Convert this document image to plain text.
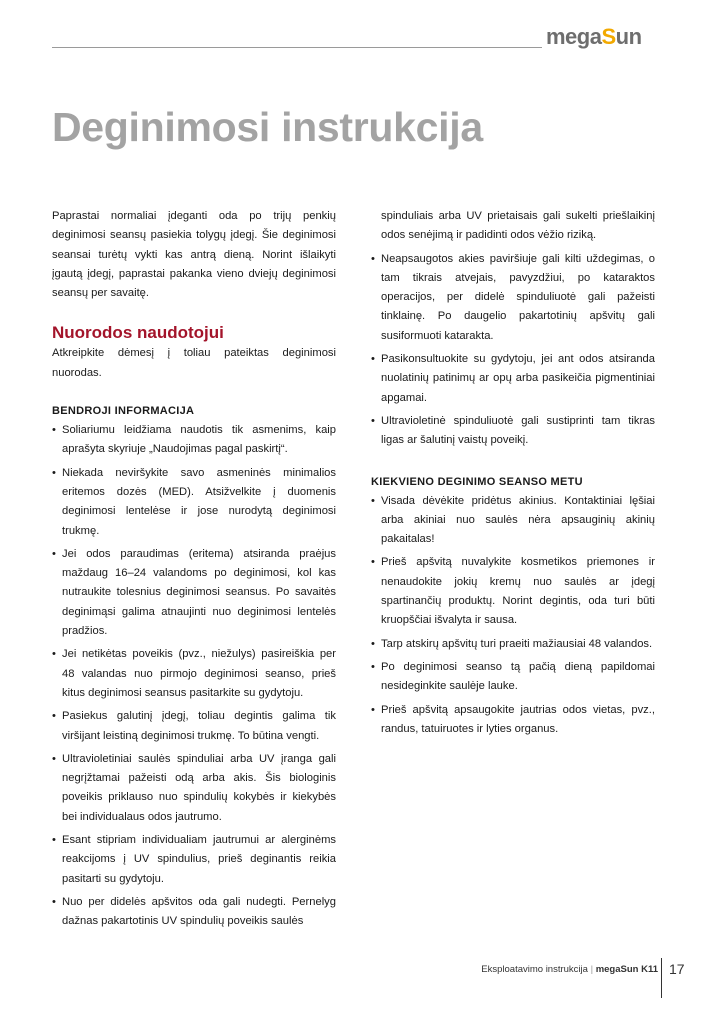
megaSun
Deginimosi instrukcija

Paprastai normaliai įdeganti oda po trijų penkių deginimosi seansų pasiekia tolygų įdegį. Šie deginimosi seansai turėtų vykti kas antrą dieną. Norint išlaikyti įgautą įdegį, paprastai pakanka vieno dviejų deginimosi seansų per savaitę.

Nuorodos naudotojui

Atkreipkite dėmesį į toliau pateiktas deginimosi nuorodas.

BENDROJI INFORMACIJA
• Soliariumu leidžiama naudotis tik asmenims, kaip aprašyta skyriuje „Naudojimas pagal paskirtį“.
• Niekada neviršykite savo asmeninės minimalios eritemos dozės (MED). Atsižvelkite į duomenis deginimosi lentelėse ir jose nurodytą deginimosi trukmę.
• Jei odos paraudimas (eritema) atsiranda praėjus maždaug 16–24 valandoms po deginimosi, kol kas nutraukite tolesnius deginimosi seansus. Po savaitės deginimąsi galima atnaujinti nuo deginimosi lentelės pradžios.
• Jei netikėtas poveikis (pvz., niežulys) pasireiškia per 48 valandas nuo pirmojo deginimosi seanso, prieš kitus deginimosi seansus pasitarkite su gydytoju.
• Pasiekus galutinį įdegį, toliau degintis galima tik viršijant leistiną deginimosi trukmę. To būtina vengti.
• Ultravioletiniai saulės spinduliai arba UV įranga gali negrįžtamai pažeisti odą arba akis. Šis biologinis poveikis priklauso nuo spindulių kokybės ir kiekybės bei individualaus odos jautrumo.
• Esant stipriam individualiam jautrumui ar alerginėms reakcijoms į UV spindulius, prieš deginantis reikia pasitarti su gydytoju.
• Nuo per didelės apšvitos oda gali nudegti. Pernelyg dažnas pakartotinis UV spindulių poveikis saulės
spinduliais arba UV prietaisais gali sukelti priešlaikinį odos senėjimą ir padidinti odos vėžio riziką.
• Neapsaugotos akies paviršiuje gali kilti uždegimas, o tam tikrais atvejais, pavyzdžiui, po kataraktos operacijos, per didelė spinduliuotė gali pažeisti tinklainę. Po daugelio pakartotinių apšvitų gali susiformuoti katarakta.
• Pasikonsultuokite su gydytoju, jei ant odos atsiranda nuolatinių patinimų ar opų arba pasikeičia pigmentiniai apgamai.
• Ultravioletinė spinduliuotė gali sustiprinti tam tikras ligas ar šalutinį vaistų poveikį.
KIEKVIENO DEGINIMO SEANSO METU
• Visada dėvėkite pridėtus akinius. Kontaktiniai lęšiai arba akiniai nuo saulės nėra apsauginių akinių pakaitalas!
• Prieš apšvitą nuvalykite kosmetikos priemones ir nenaudokite jokių kremų nuo saulės ar įdegį spartinančių produktų. Norint degintis, oda turi būti kruopščiai išvalyta ir sausa.
• Tarp atskirų apšvitų turi praeiti mažiausiai 48 valandos.
• Po deginimosi seanso tą pačią dieną papildomai nesideginkite saulėje lauke.
• Prieš apšvitą apsaugokite jautrias odos vietas, pvz., randus, tatuiruotes ir lyties organus.
Eksploatavimo instrukcija | megaSun K11 17
